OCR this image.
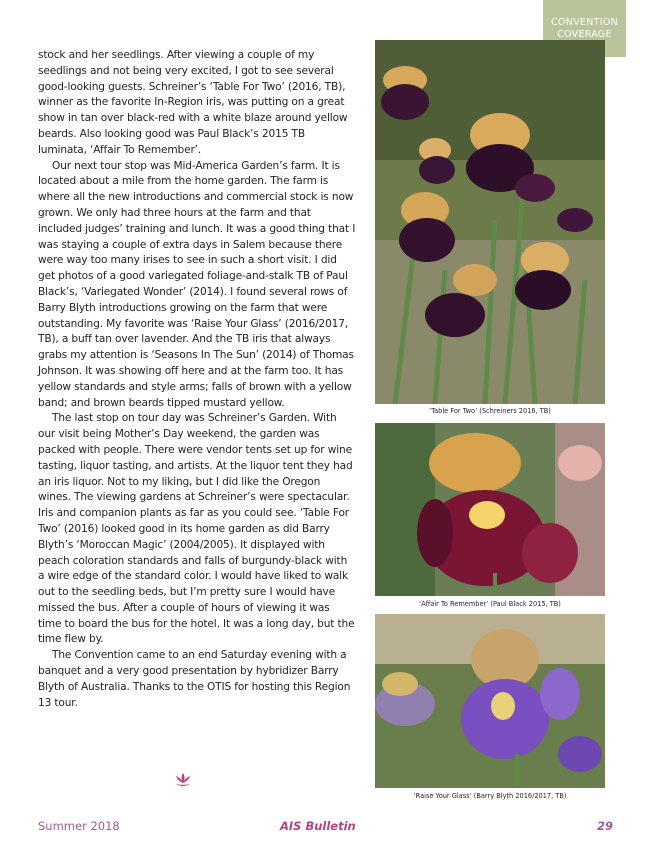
CONVENTION
COVERAGE

stock and her seedlings. After viewing a couple of my seedlings and not being very excited, I got to see several good-looking guests. Schreiner’s ‘Table For Two’ (2016, TB), winner as the favorite In-Region iris, was putting on a great show in tan over black-red with a white blaze around yellow beards. Also looking good was Paul Black’s 2015 TB luminata, ‘Affair To Remember’.

Our next tour stop was Mid-America Garden’s farm. It is located about a mile from the home garden. The farm is where all the new introductions and commercial stock is now grown. We only had three hours at the farm and that included judges’ training and lunch. It was a good thing that I was staying a couple of extra days in Salem because there were way too many irises to see in such a short visit. I did get photos of a good variegated foliage-and-stalk TB of Paul Black’s, ‘Variegated Wonder’ (2014). I found several rows of Barry Blyth introductions growing on the farm that were outstanding. My favorite was ‘Raise Your Glass’ (2016/2017, TB), a buff tan over lavender. And the TB iris that always grabs my attention is ‘Seasons In The Sun’ (2014) of Thomas Johnson. It was showing off here and at the farm too. It has yellow standards and style arms; falls of brown with a yellow band; and brown beards tipped mustard yellow.

The last stop on tour day was Schreiner’s Garden. With our visit being Mother’s Day weekend, the garden was packed with people. There were vendor tents set up for wine tasting, liquor tasting, and artists. At the liquor tent they had an iris liquor. Not to my liking, but I did like the Oregon wines. The viewing gardens at Schreiner’s were spectacular. Iris and companion plants as far as you could see. ‘Table For Two’ (2016) looked good in its home garden as did Barry Blyth’s ‘Moroccan Magic’ (2004/2005). It displayed with peach coloration standards and falls of burgundy-black with a wire edge of the standard color. I would have liked to walk out to the seedling beds, but I’m pretty sure I would have missed the bus. After a couple of hours of viewing it was time to board the bus for the hotel. It was a long day, but the time flew by.

The Convention came to an end Saturday evening with a banquet and a very good presentation by hybridizer Barry Blyth of Australia. Thanks to the OTIS for hosting this Region 13 tour.

‘Table For Two’ (Schreiners 2016, TB)
‘Affair To Remember’ (Paul Black 2015, TB)
‘Raise Your Glass’ (Barry Blyth 2016/2017, TB)
Summer 2018	AIS Bulletin	29
